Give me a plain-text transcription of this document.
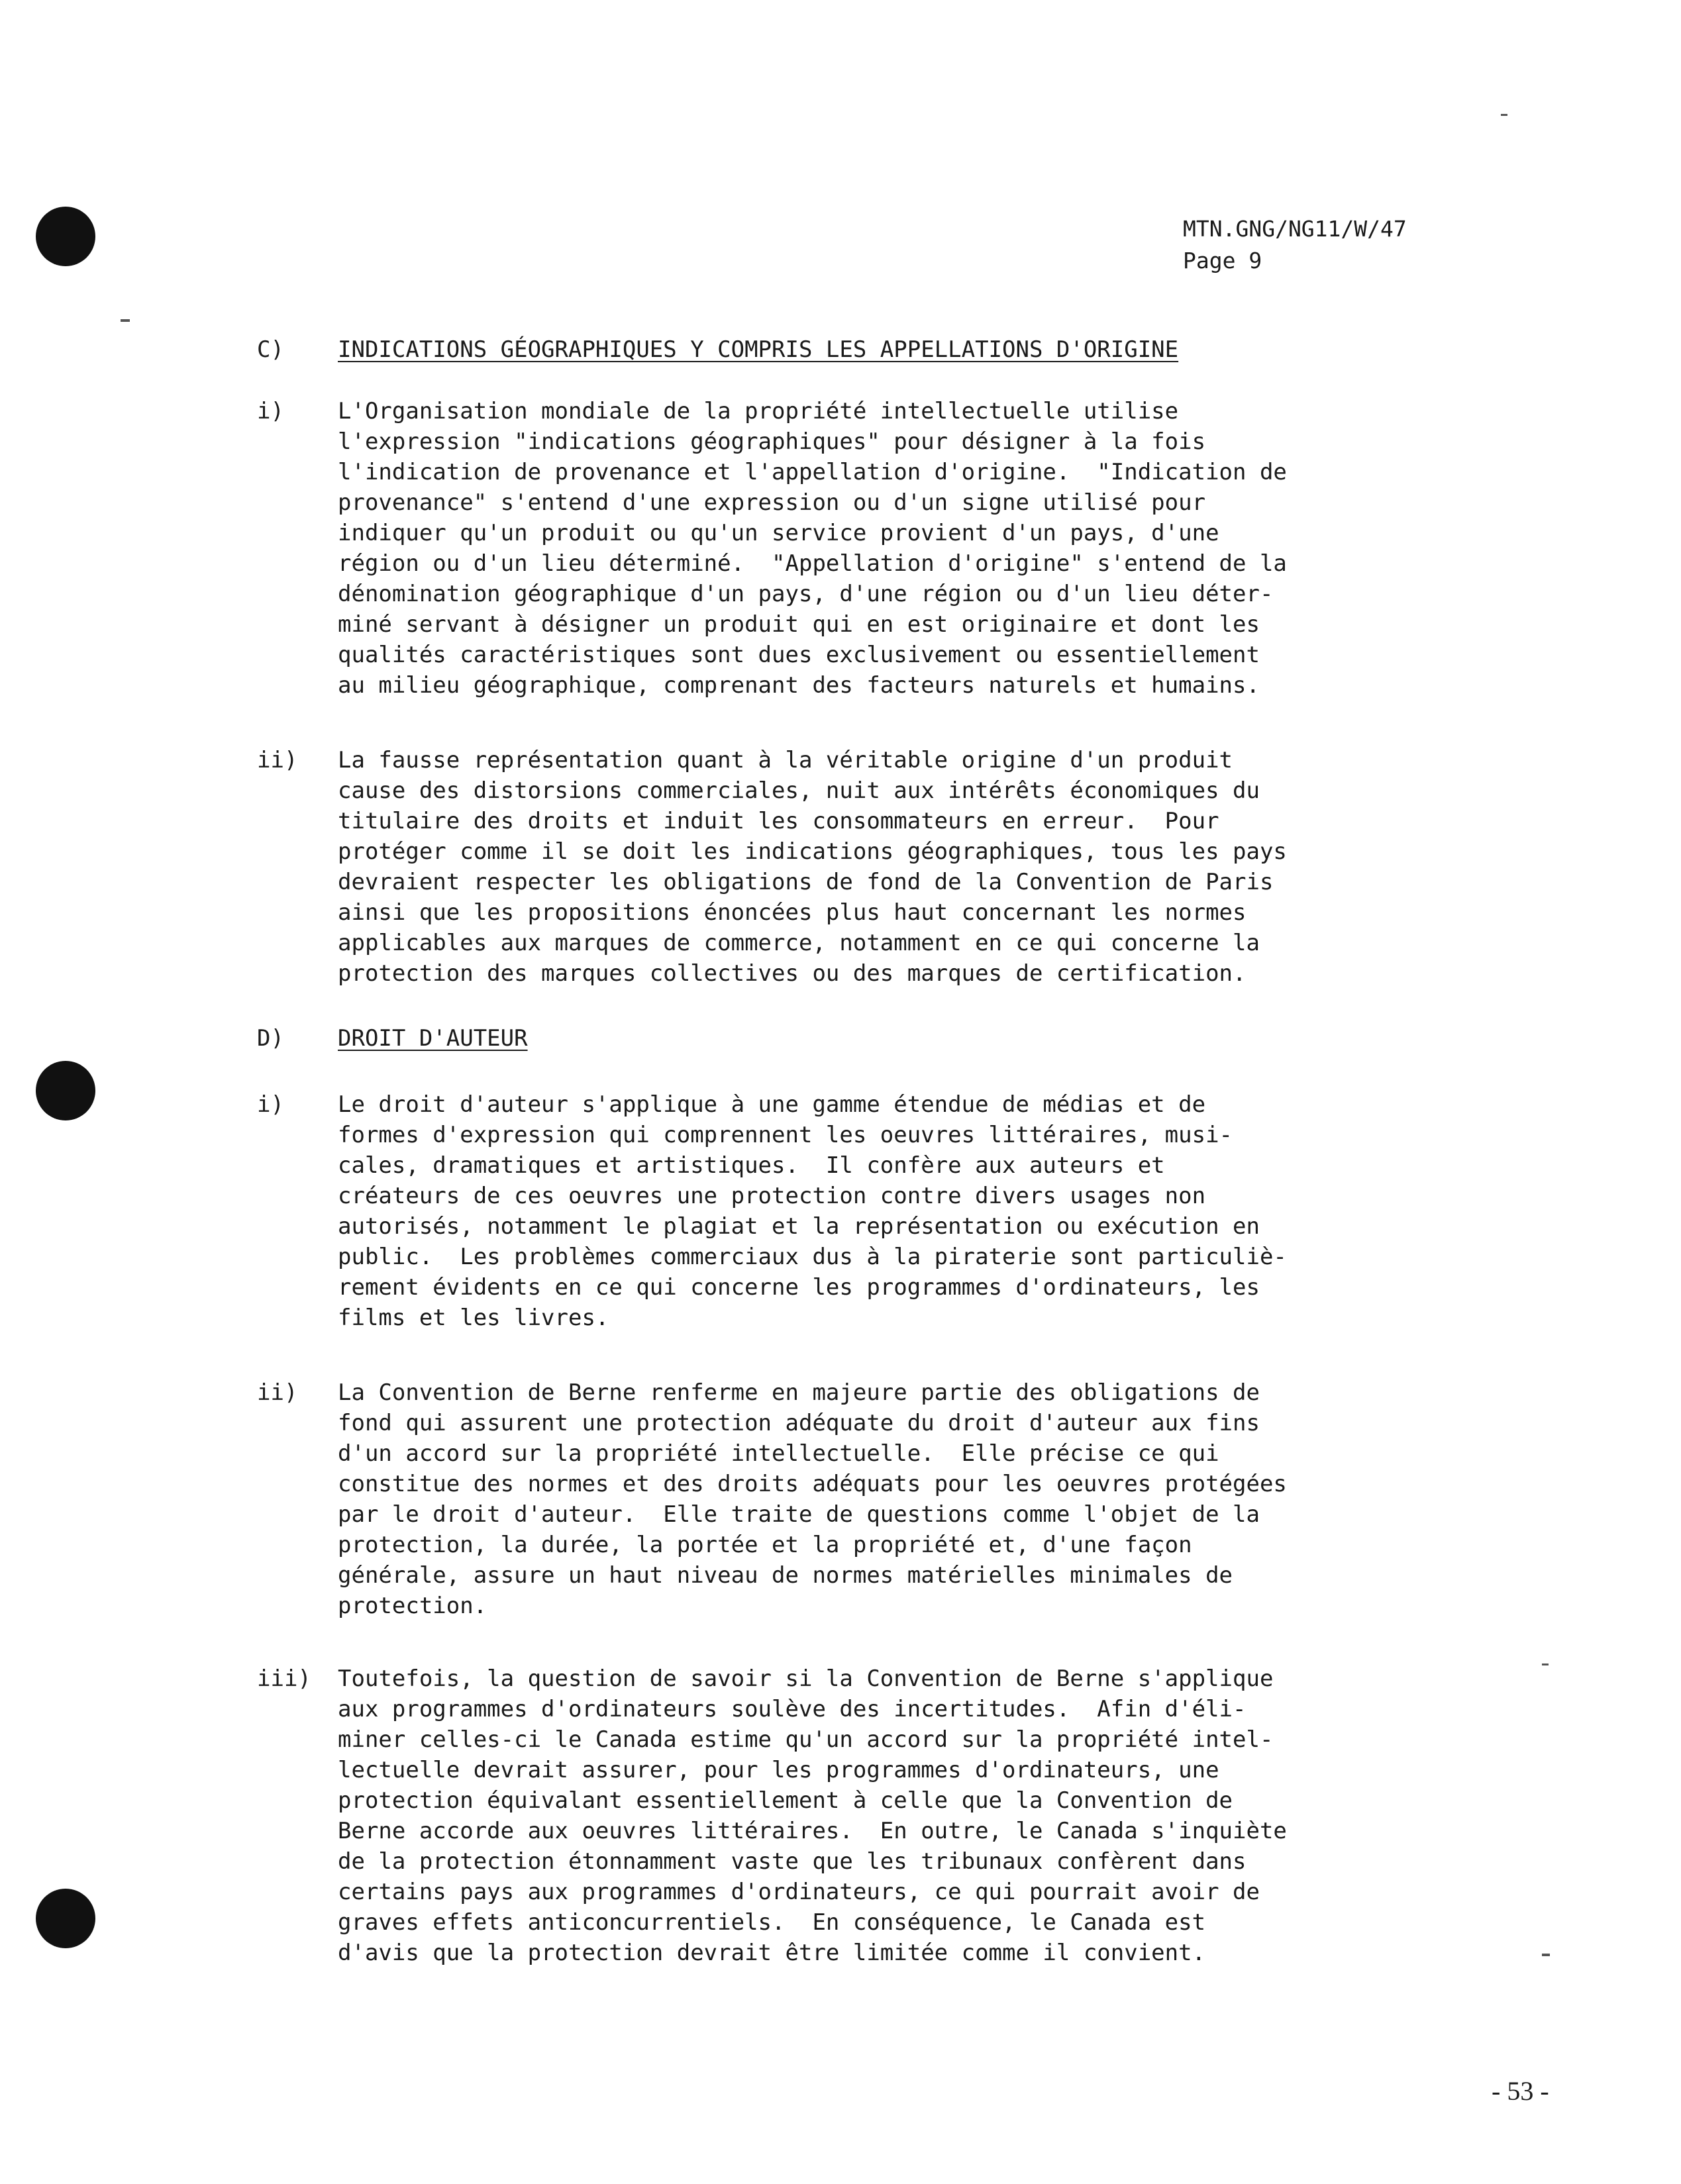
MTN.GNG/NG11/W/47
Page 9
C) INDICATIONS GÉOGRAPHIQUES Y COMPRIS LES APPELLATIONS D'ORIGINE
i) L'Organisation mondiale de la propriété intellectuelle utilise
l'expression "indications géographiques" pour désigner à la fois
l'indication de provenance et l'appellation d'origine.  "Indication de
provenance" s'entend d'une expression ou d'un signe utilisé pour
indiquer qu'un produit ou qu'un service provient d'un pays, d'une
région ou d'un lieu déterminé.  "Appellation d'origine" s'entend de la
dénomination géographique d'un pays, d'une région ou d'un lieu déter-
miné servant à désigner un produit qui en est originaire et dont les
qualités caractéristiques sont dues exclusivement ou essentiellement
au milieu géographique, comprenant des facteurs naturels et humains.
ii) La fausse représentation quant à la véritable origine d'un produit
cause des distorsions commerciales, nuit aux intérêts économiques du
titulaire des droits et induit les consommateurs en erreur.  Pour
protéger comme il se doit les indications géographiques, tous les pays
devraient respecter les obligations de fond de la Convention de Paris
ainsi que les propositions énoncées plus haut concernant les normes
applicables aux marques de commerce, notamment en ce qui concerne la
protection des marques collectives ou des marques de certification.
D) DROIT D'AUTEUR
i) Le droit d'auteur s'applique à une gamme étendue de médias et de
formes d'expression qui comprennent les oeuvres littéraires, musi-
cales, dramatiques et artistiques.  Il confère aux auteurs et
créateurs de ces oeuvres une protection contre divers usages non
autorisés, notamment le plagiat et la représentation ou exécution en
public.  Les problèmes commerciaux dus à la piraterie sont particuliè-
rement évidents en ce qui concerne les programmes d'ordinateurs, les
films et les livres.
ii) La Convention de Berne renferme en majeure partie des obligations de
fond qui assurent une protection adéquate du droit d'auteur aux fins
d'un accord sur la propriété intellectuelle.  Elle précise ce qui
constitue des normes et des droits adéquats pour les oeuvres protégées
par le droit d'auteur.  Elle traite de questions comme l'objet de la
protection, la durée, la portée et la propriété et, d'une façon
générale, assure un haut niveau de normes matérielles minimales de
protection.
iii) Toutefois, la question de savoir si la Convention de Berne s'applique
aux programmes d'ordinateurs soulève des incertitudes.  Afin d'éli-
miner celles-ci le Canada estime qu'un accord sur la propriété intel-
lectuelle devrait assurer, pour les programmes d'ordinateurs, une
protection équivalant essentiellement à celle que la Convention de
Berne accorde aux oeuvres littéraires.  En outre, le Canada s'inquiète
de la protection étonnamment vaste que les tribunaux confèrent dans
certains pays aux programmes d'ordinateurs, ce qui pourrait avoir de
graves effets anticoncurrentiels.  En conséquence, le Canada est
d'avis que la protection devrait être limitée comme il convient.
- 53 -
